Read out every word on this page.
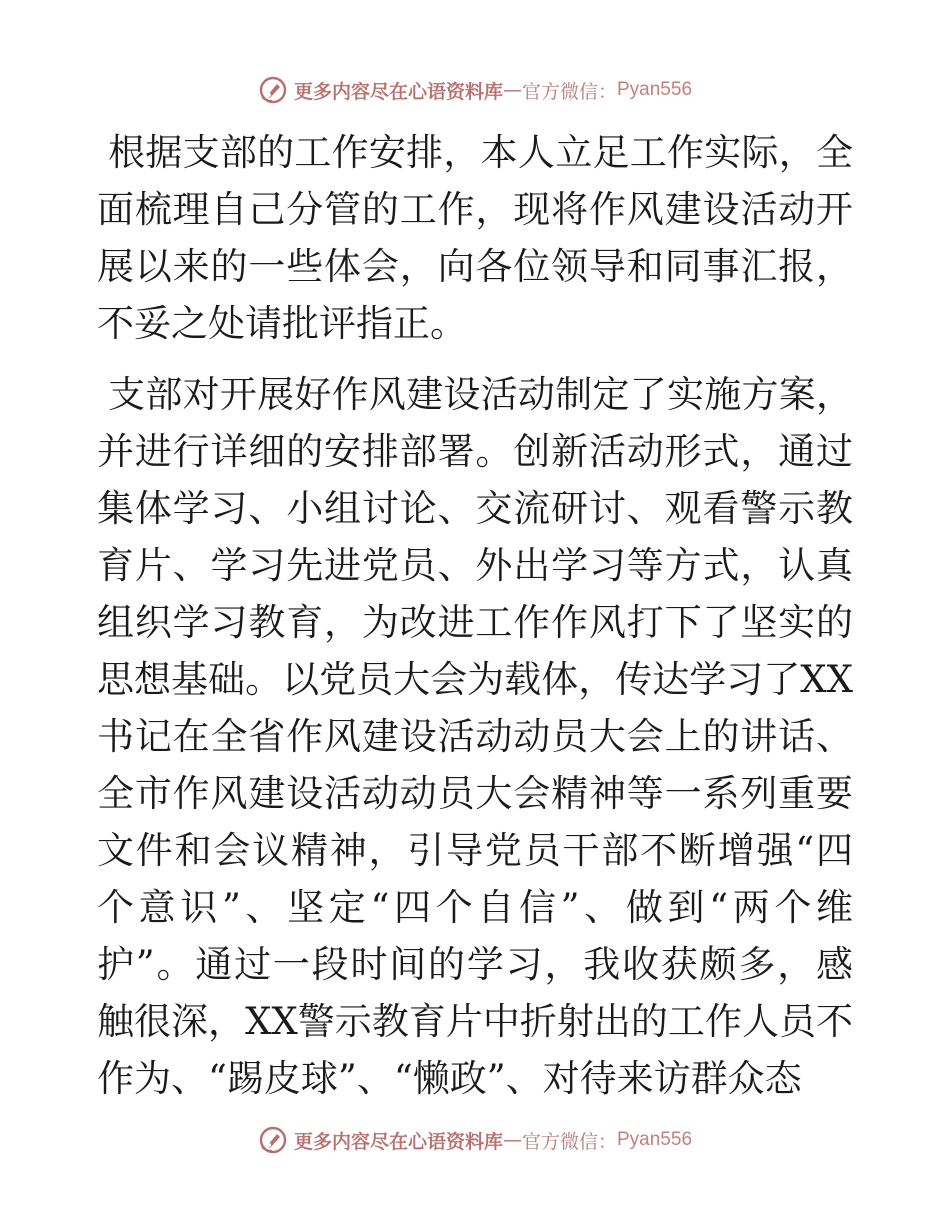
更多内容尽在心语资料库 — 官方微信： Pyan556

根据支部的工作安排，本人立足工作实际，全面梳理自己分管的工作，现将作风建设活动开展以来的一些体会，向各位领导和同事汇报，不妥之处请批评指正。

支部对开展好作风建设活动制定了实施方案，并进行详细的安排部署。创新活动形式，通过集体学习、小组讨论、交流研讨、观看警示教育片、学习先进党员、外出学习等方式，认真组织学习教育，为改进工作作风打下了坚实的思想基础。以党员大会为载体，传达学习了XX书记在全省作风建设活动动员大会上的讲话、全市作风建设活动动员大会精神等一系列重要文件和会议精神，引导党员干部不断增强“四个意识”、坚定“四个自信”、做到“两个维护”。通过一段时间的学习，我收获颇多，感触很深，XX警示教育片中折射出的工作人员不作为、“踢皮球”、“懒政”、对待来访群众态

更多内容尽在心语资料库 — 官方微信： Pyan556
